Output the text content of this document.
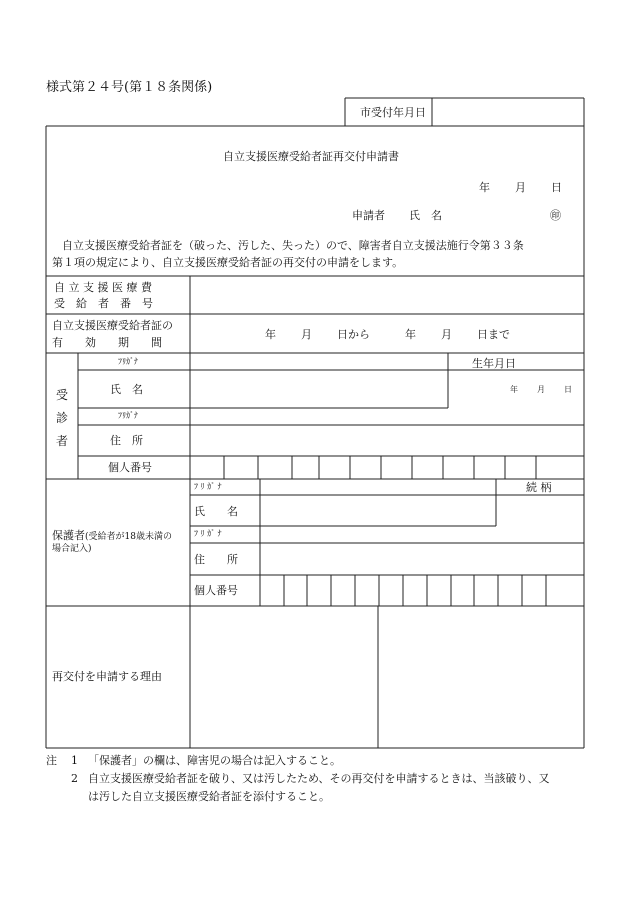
様式第２４号(第１８条関係)
市受付年月日
自立支援医療受給者証再交付申請書
年 月 日
申請者 氏　名	㊞
自立支援医療受給者証を（破った、汚した、失った）ので、障害者自立支援法施行令第３３条
第１項の規定により、自立支援医療受給者証の再交付の申請をします。
自 立 支 援 医 療 費
受　給　者　番　号
自立支援医療受給者証の
有　　効　　期　　間
年 月 日から	年 月 日まで
受
診
者
ﾌﾘｶﾞﾅ	生年月日
氏　名	年 月 日
ﾌﾘｶﾞﾅ
住　所
個人番号
保護者(受給者が18歳未満の
場合記入)
ﾌ ﾘ ｶﾞ ﾅ	続 柄
氏　　名
ﾌ ﾘ ｶﾞ ﾅ
住　　所
個人番号
再交付を申請する理由
注 1 「保護者」の欄は、障害児の場合は記入すること。
2 自立支援医療受給者証を破り、又は汚したため、その再交付を申請するときは、当該破り、又
は汚した自立支援医療受給者証を添付すること。
